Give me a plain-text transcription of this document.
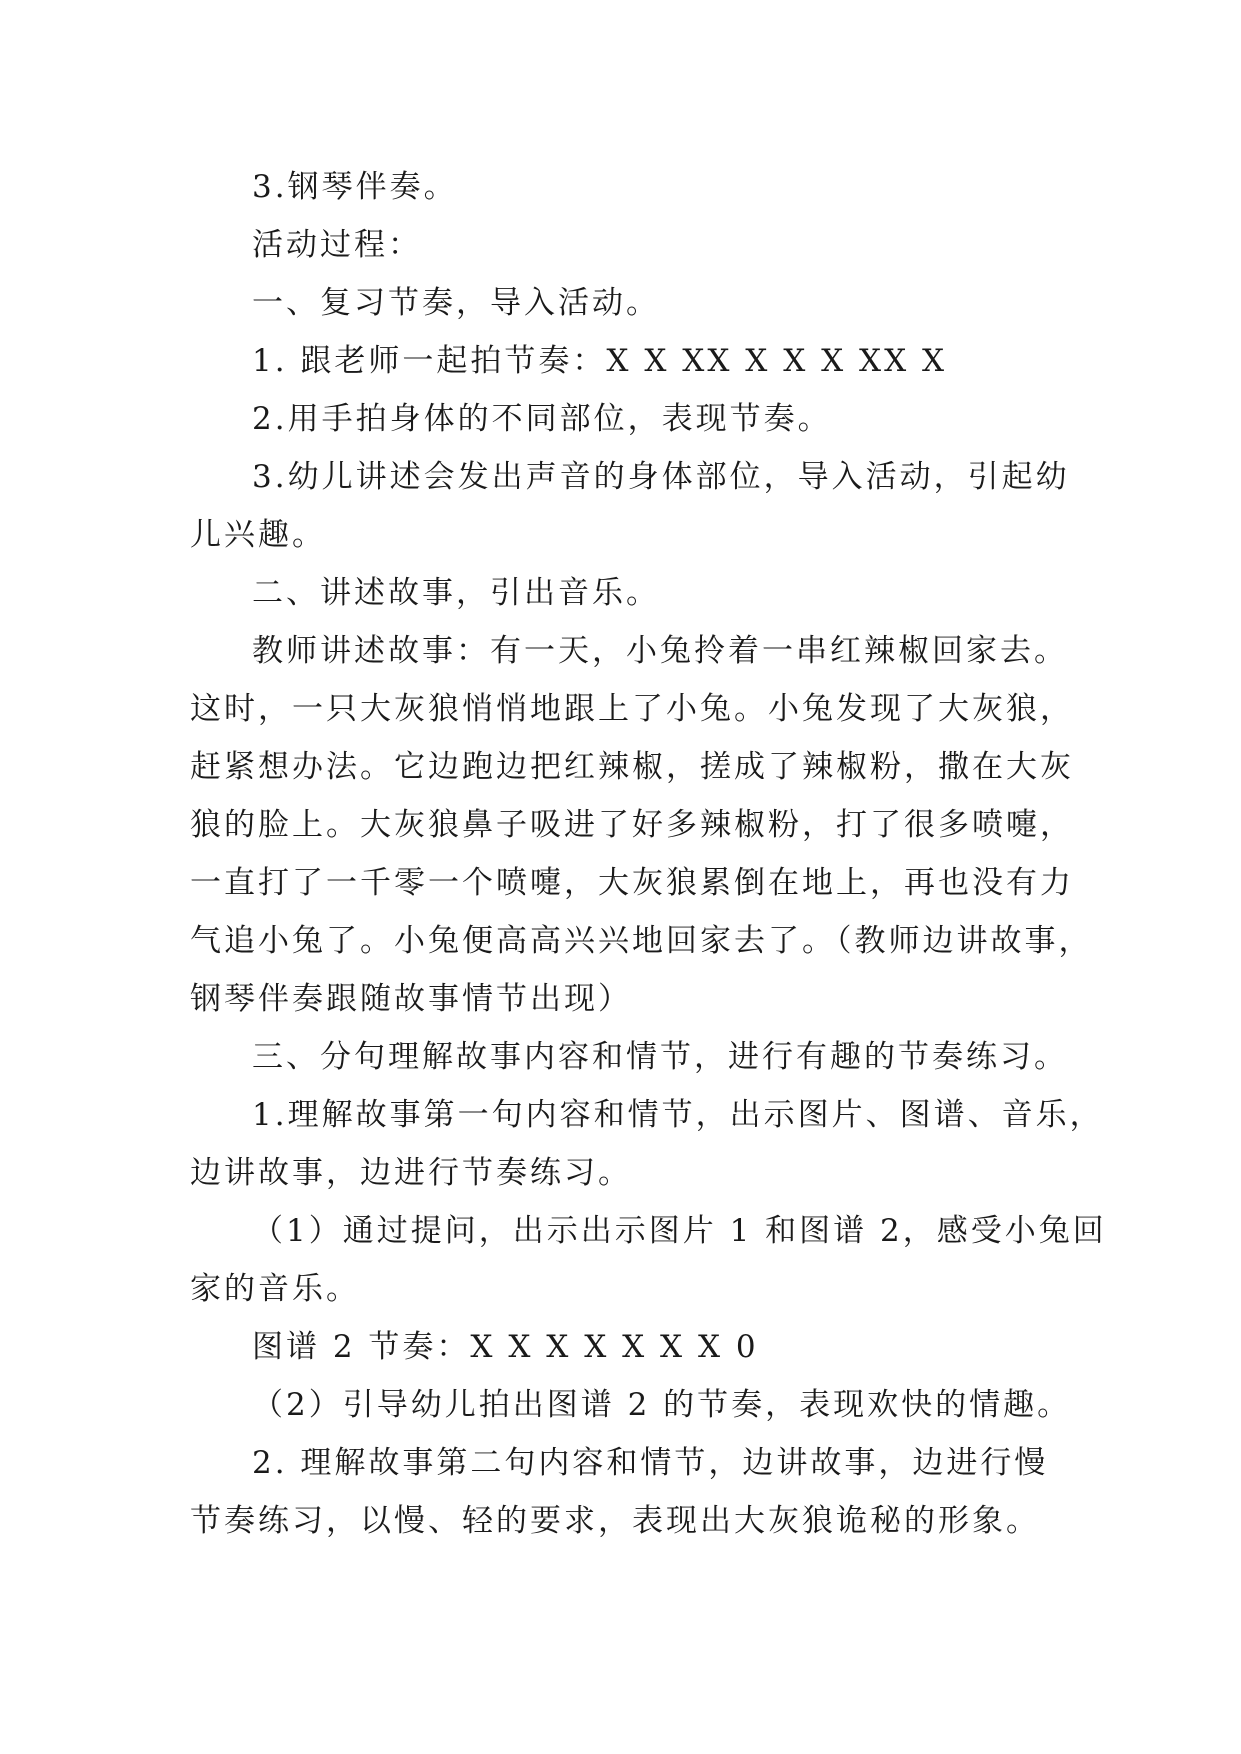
3.钢琴伴奏。
活动过程：
一、复习节奏，导入活动。
1. 跟老师一起拍节奏：X X XX X X X XX X
2.用手拍身体的不同部位，表现节奏。
3.幼儿讲述会发出声音的身体部位，导入活动，引起幼
儿兴趣。
二、讲述故事，引出音乐。
教师讲述故事：有一天，小兔拎着一串红辣椒回家去。
这时，一只大灰狼悄悄地跟上了小兔。小兔发现了大灰狼，
赶紧想办法。它边跑边把红辣椒，搓成了辣椒粉，撒在大灰
狼的脸上。大灰狼鼻子吸进了好多辣椒粉，打了很多喷嚏，
一直打了一千零一个喷嚏，大灰狼累倒在地上，再也没有力
气追小兔了。小兔便高高兴兴地回家去了。（教师边讲故事，
钢琴伴奏跟随故事情节出现）
三、分句理解故事内容和情节，进行有趣的节奏练习。
1.理解故事第一句内容和情节，出示图片、图谱、音乐，
边讲故事，边进行节奏练习。
（1）通过提问，出示出示图片 1 和图谱 2，感受小兔回
家的音乐。
图谱 2 节奏：X X X X X X X 0
（2）引导幼儿拍出图谱 2 的节奏，表现欢快的情趣。
2. 理解故事第二句内容和情节，边讲故事，边进行慢
节奏练习，以慢、轻的要求，表现出大灰狼诡秘的形象。
